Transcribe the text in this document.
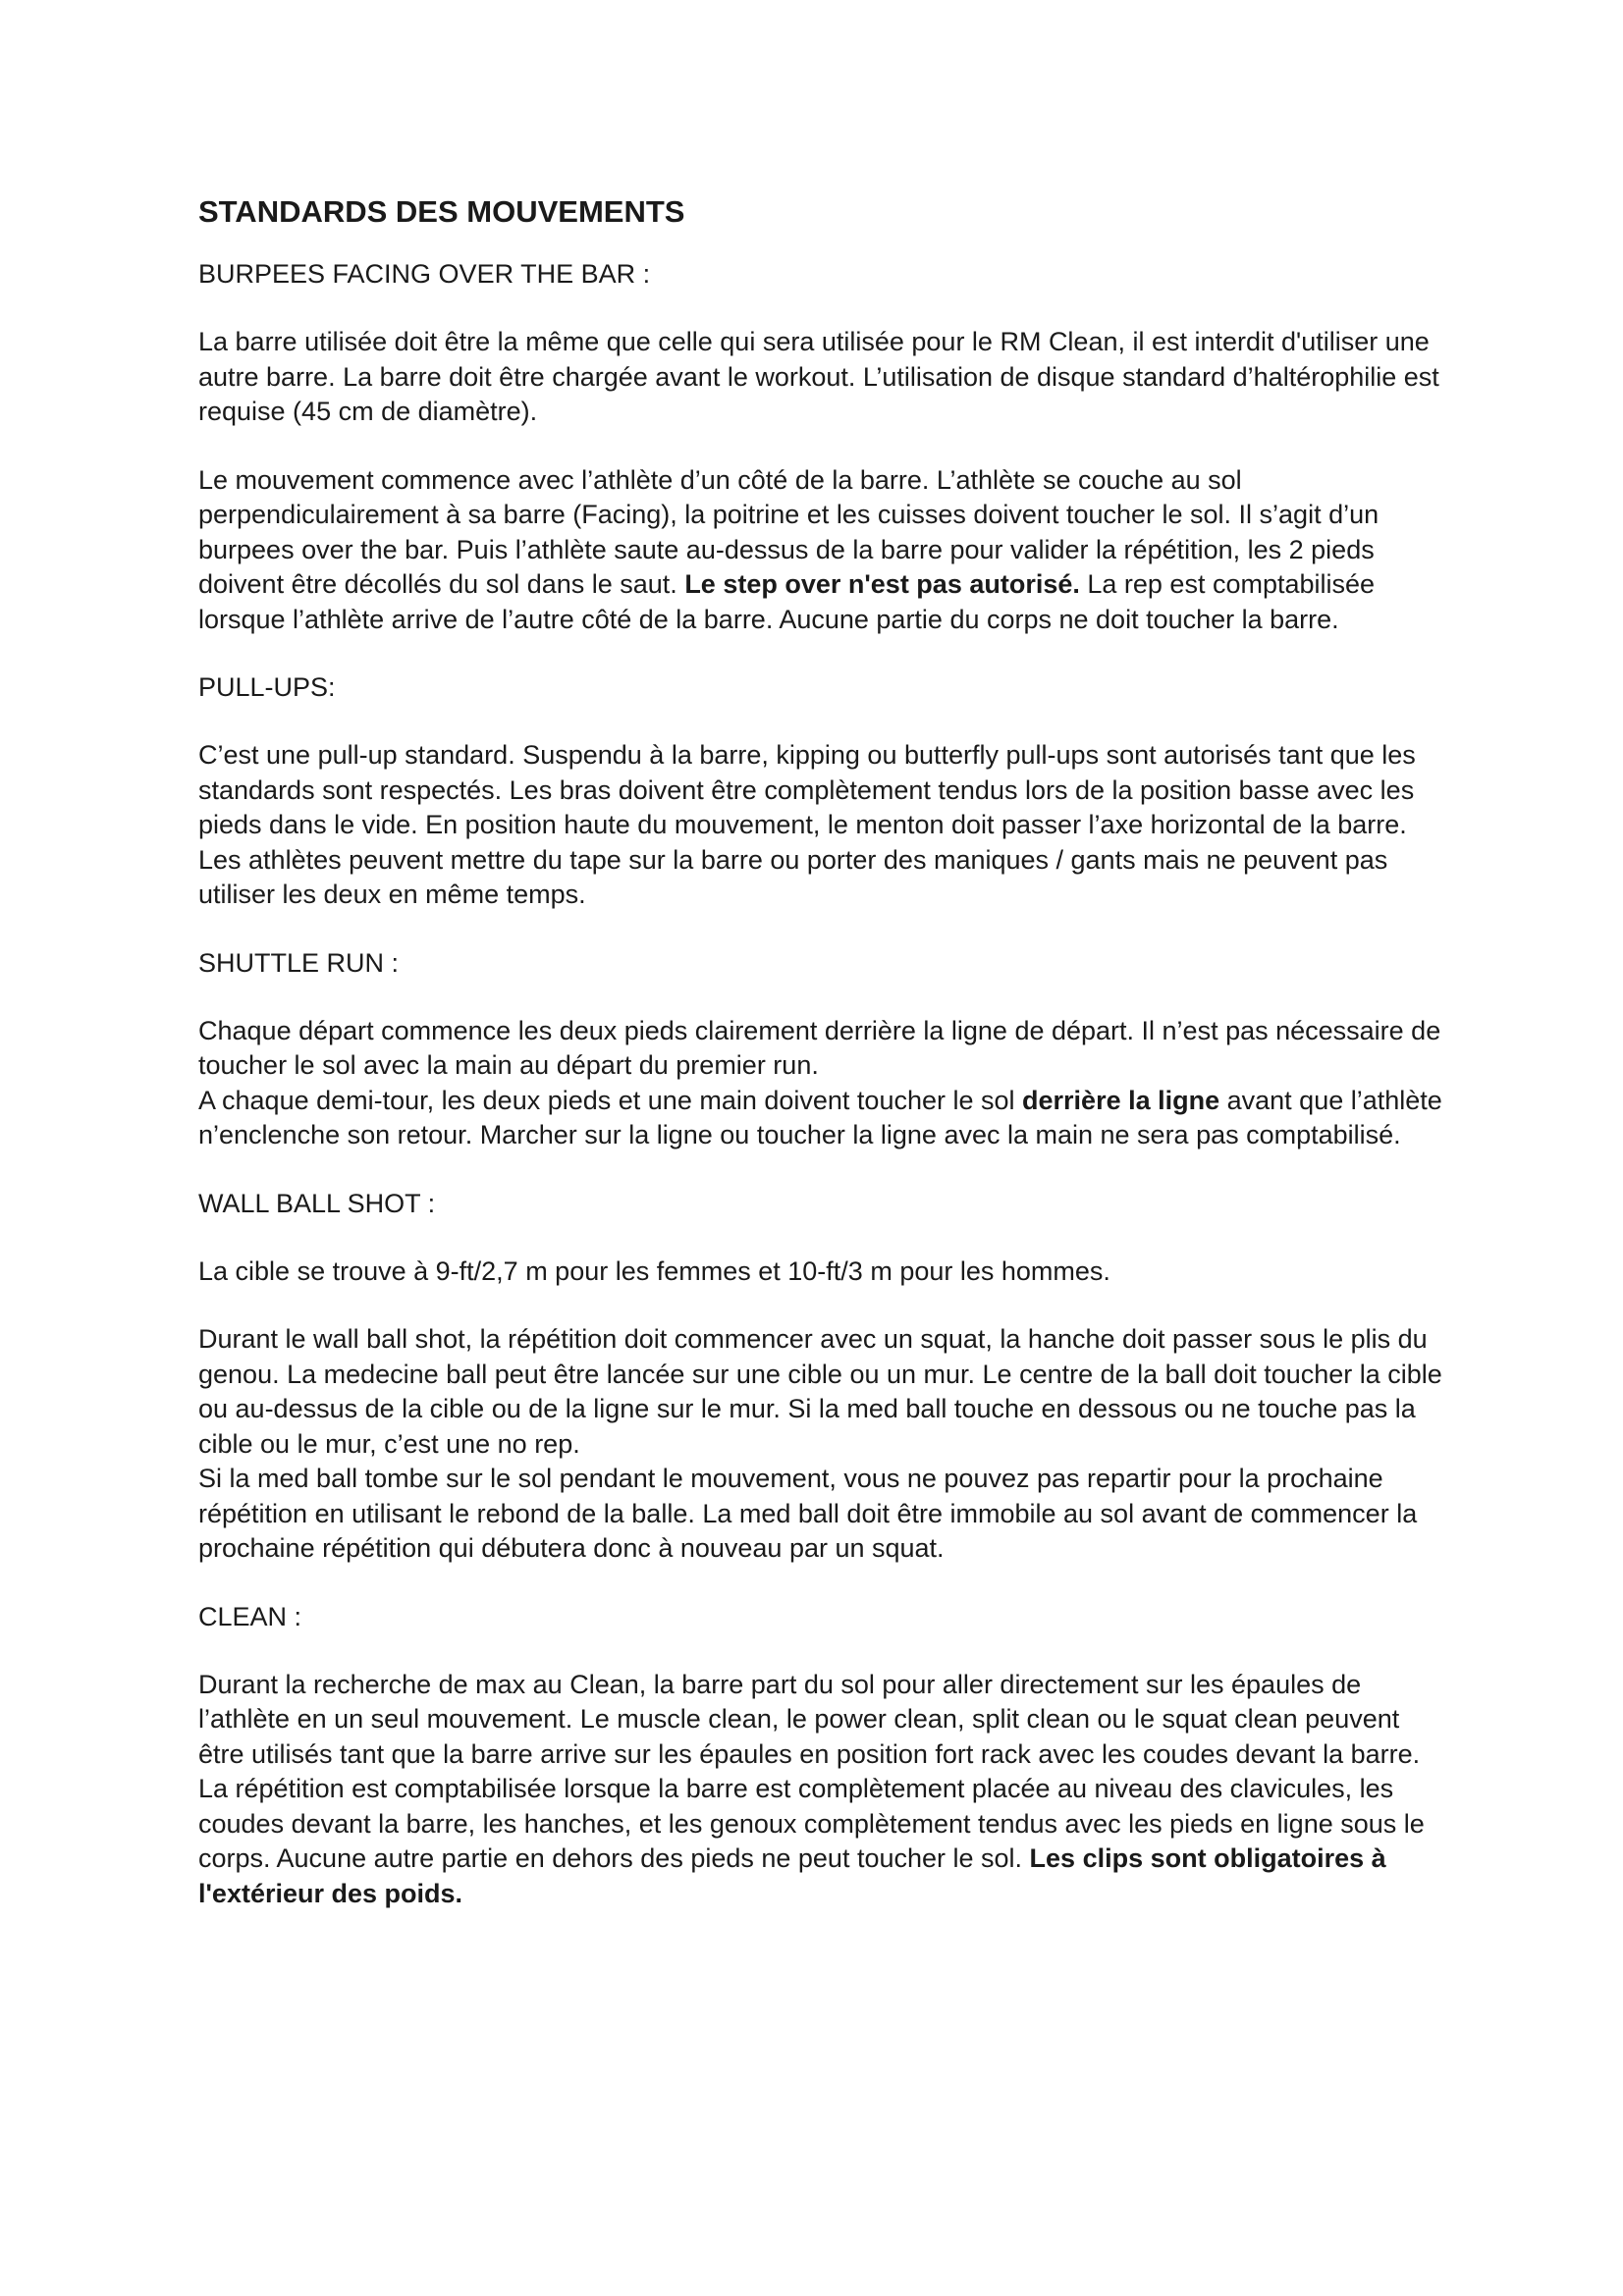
STANDARDS DES MOUVEMENTS
BURPEES FACING OVER THE BAR :
La barre utilisée doit être la même que celle qui sera utilisée pour le RM Clean, il est interdit d'utiliser une autre barre. La barre doit être chargée avant le workout. L’utilisation de disque standard d’haltérophilie est requise (45 cm de diamètre).
Le mouvement commence avec l’athlète d’un côté de la barre. L’athlète se couche au sol perpendiculairement à sa barre (Facing), la poitrine et les cuisses doivent toucher le sol. Il s’agit d’un burpees over the bar. Puis l’athlète saute au-dessus de la barre pour valider la répétition, les 2 pieds doivent être décollés du sol dans le saut. Le step over n'est pas autorisé. La rep est comptabilisée lorsque l’athlète arrive de l’autre côté de la barre. Aucune partie du corps ne doit toucher la barre.
PULL-UPS:
C’est une pull-up standard. Suspendu à la barre, kipping ou butterfly pull-ups sont autorisés tant que les standards sont respectés. Les bras doivent être complètement tendus lors de la position basse avec les pieds dans le vide. En position haute du mouvement, le menton doit passer l’axe horizontal de la barre. Les athlètes peuvent mettre du tape sur la barre ou porter des maniques / gants mais ne peuvent pas utiliser les deux en même temps.
SHUTTLE RUN :
Chaque départ commence les deux pieds clairement derrière la ligne de départ. Il n’est pas nécessaire de toucher le sol avec la main au départ du premier run.
A chaque demi-tour, les deux pieds et une main doivent toucher le sol derrière la ligne avant que l’athlète n’enclenche son retour. Marcher sur la ligne ou toucher la ligne avec la main ne sera pas comptabilisé.
WALL BALL SHOT :
La cible se trouve à 9-ft/2,7 m pour les femmes et 10-ft/3 m pour les hommes.
Durant le wall ball shot, la répétition doit commencer avec un squat, la hanche doit passer sous le plis du genou. La medecine ball peut être lancée sur une cible ou un mur. Le centre de la ball doit toucher la cible ou au-dessus de la cible ou de la ligne sur le mur. Si la med ball touche en dessous ou ne touche pas la cible ou le mur, c’est une no rep.
Si la med ball tombe sur le sol pendant le mouvement, vous ne pouvez pas repartir pour la prochaine répétition en utilisant le rebond de la balle. La med ball doit être immobile au sol avant de commencer la prochaine répétition qui débutera donc à nouveau par un squat.
CLEAN :
Durant la recherche de max au Clean, la barre part du sol pour aller directement sur les épaules de l’athlète en un seul mouvement. Le muscle clean, le power clean, split clean ou le squat clean peuvent être utilisés tant que la barre arrive sur les épaules en position fort rack avec les coudes devant la barre. La répétition est comptabilisée lorsque la barre est complètement placée au niveau des clavicules, les coudes devant la barre, les hanches, et les genoux complètement tendus avec les pieds en ligne sous le corps. Aucune autre partie en dehors des pieds ne peut toucher le sol. Les clips sont obligatoires à l'extérieur des poids.
